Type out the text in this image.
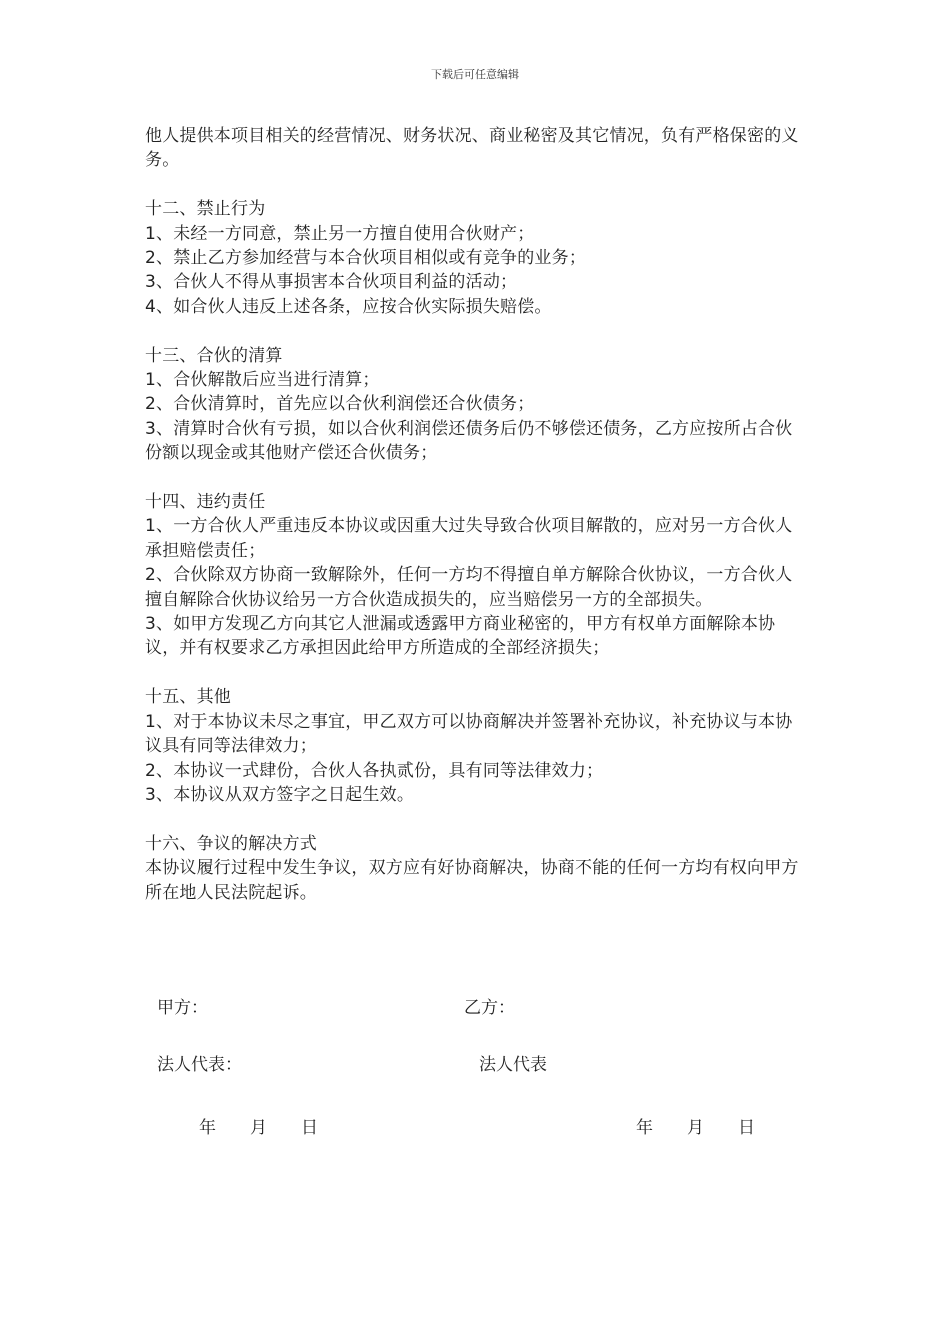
下载后可任意编辑

他人提供本项目相关的经营情况、财务状况、商业秘密及其它情况，负有严格保密的义务。

十二、禁止行为

1、未经一方同意，禁止另一方擅自使用合伙财产；

2、禁止乙方参加经营与本合伙项目相似或有竞争的业务；

3、合伙人不得从事损害本合伙项目利益的活动；

4、如合伙人违反上述各条，应按合伙实际损失赔偿。

十三、合伙的清算

1、合伙解散后应当进行清算；

2、合伙清算时，首先应以合伙利润偿还合伙债务；

3、清算时合伙有亏损，如以合伙利润偿还债务后仍不够偿还债务，乙方应按所占合伙份额以现金或其他财产偿还合伙债务；

十四、违约责任

1、一方合伙人严重违反本协议或因重大过失导致合伙项目解散的，应对另一方合伙人承担赔偿责任；

2、合伙除双方协商一致解除外，任何一方均不得擅自单方解除合伙协议，一方合伙人擅自解除合伙协议给另一方合伙造成损失的，应当赔偿另一方的全部损失。

3、如甲方发现乙方向其它人泄漏或透露甲方商业秘密的，甲方有权单方面解除本协议，并有权要求乙方承担因此给甲方所造成的全部经济损失；

十五、其他

1、对于本协议未尽之事宜，甲乙双方可以协商解决并签署补充协议，补充协议与本协议具有同等法律效力；

2、本协议一式肆份，合伙人各执贰份，具有同等法律效力；

3、本协议从双方签字之日起生效。

十六、争议的解决方式

本协议履行过程中发生争议，双方应有好协商解决，协商不能的任何一方均有权向甲方所在地人民法院起诉。

甲方：	乙方：
法人代表：	法人代表
年　　月　　日	年　　月　　日
